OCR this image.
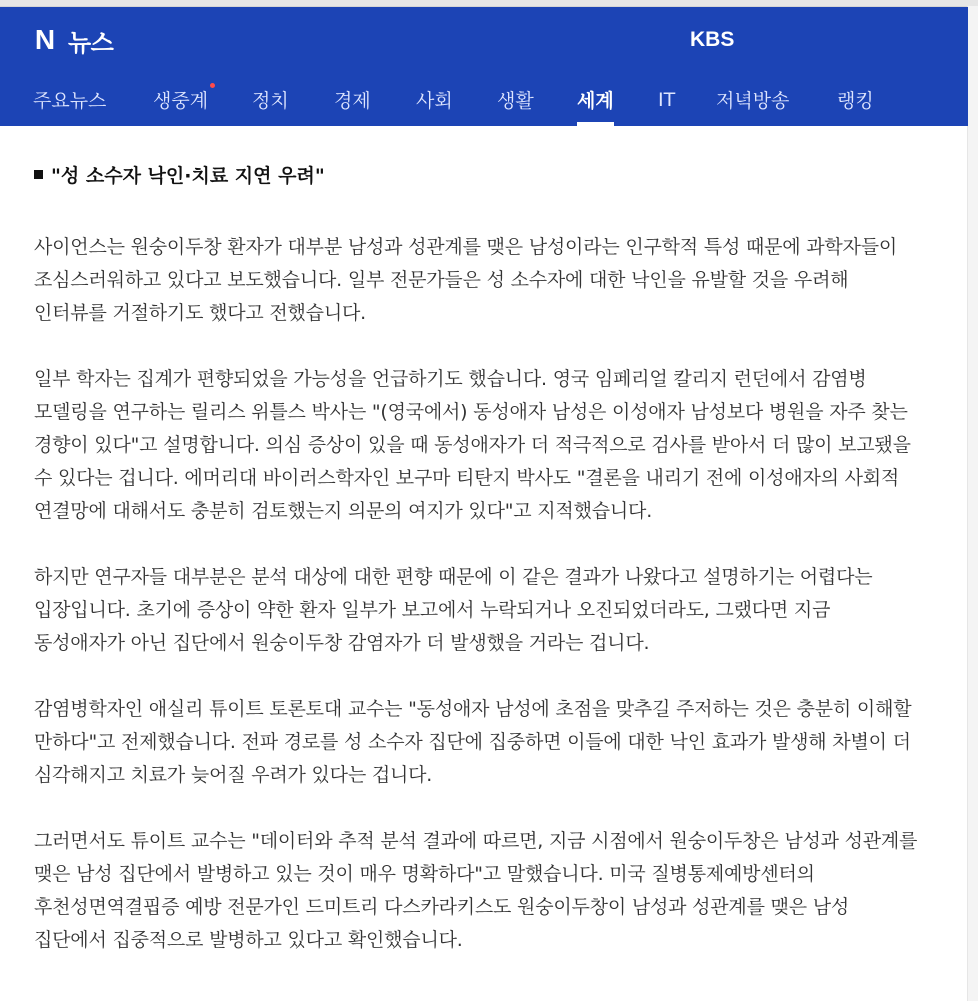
N 뉴스	KBS
주요뉴스 생중계 정치 경제 사회 생활 세계 IT 저녁방송	랭킹
"성 소수자 낙인·치료 지연 우려"

사이언스는 원숭이두창 환자가 대부분 남성과 성관계를 맺은 남성이라는 인구학적 특성 때문에 과학자들이 조심스러워하고 있다고 보도했습니다. 일부 전문가들은 성 소수자에 대한 낙인을 유발할 것을 우려해 인터뷰를 거절하기도 했다고 전했습니다.

일부 학자는 집계가 편향되었을 가능성을 언급하기도 했습니다. 영국 임페리얼 칼리지 런던에서 감염병 모델링을 연구하는 릴리스 위틀스 박사는 "(영국에서) 동성애자 남성은 이성애자 남성보다 병원을 자주 찾는 경향이 있다"고 설명합니다. 의심 증상이 있을 때 동성애자가 더 적극적으로 검사를 받아서 더 많이 보고됐을 수 있다는 겁니다. 에머리대 바이러스학자인 보구마 티탄지 박사도 "결론을 내리기 전에 이성애자의 사회적 연결망에 대해서도 충분히 검토했는지 의문의 여지가 있다"고 지적했습니다.

하지만 연구자들 대부분은 분석 대상에 대한 편향 때문에 이 같은 결과가 나왔다고 설명하기는 어렵다는 입장입니다. 초기에 증상이 약한 환자 일부가 보고에서 누락되거나 오진되었더라도, 그랬다면 지금 동성애자가 아닌 집단에서 원숭이두창 감염자가 더 발생했을 거라는 겁니다.

감염병학자인 애실리 튜이트 토론토대 교수는 "동성애자 남성에 초점을 맞추길 주저하는 것은 충분히 이해할 만하다"고 전제했습니다. 전파 경로를 성 소수자 집단에 집중하면 이들에 대한 낙인 효과가 발생해 차별이 더 심각해지고 치료가 늦어질 우려가 있다는 겁니다.

그러면서도 튜이트 교수는 "데이터와 추적 분석 결과에 따르면, 지금 시점에서 원숭이두창은 남성과 성관계를 맺은 남성 집단에서 발병하고 있는 것이 매우 명확하다"고 말했습니다. 미국 질병통제예방센터의 후천성면역결핍증 예방 전문가인 드미트리 다스카라키스도 원숭이두창이 남성과 성관계를 맺은 남성 집단에서 집중적으로 발병하고 있다고 확인했습니다.
